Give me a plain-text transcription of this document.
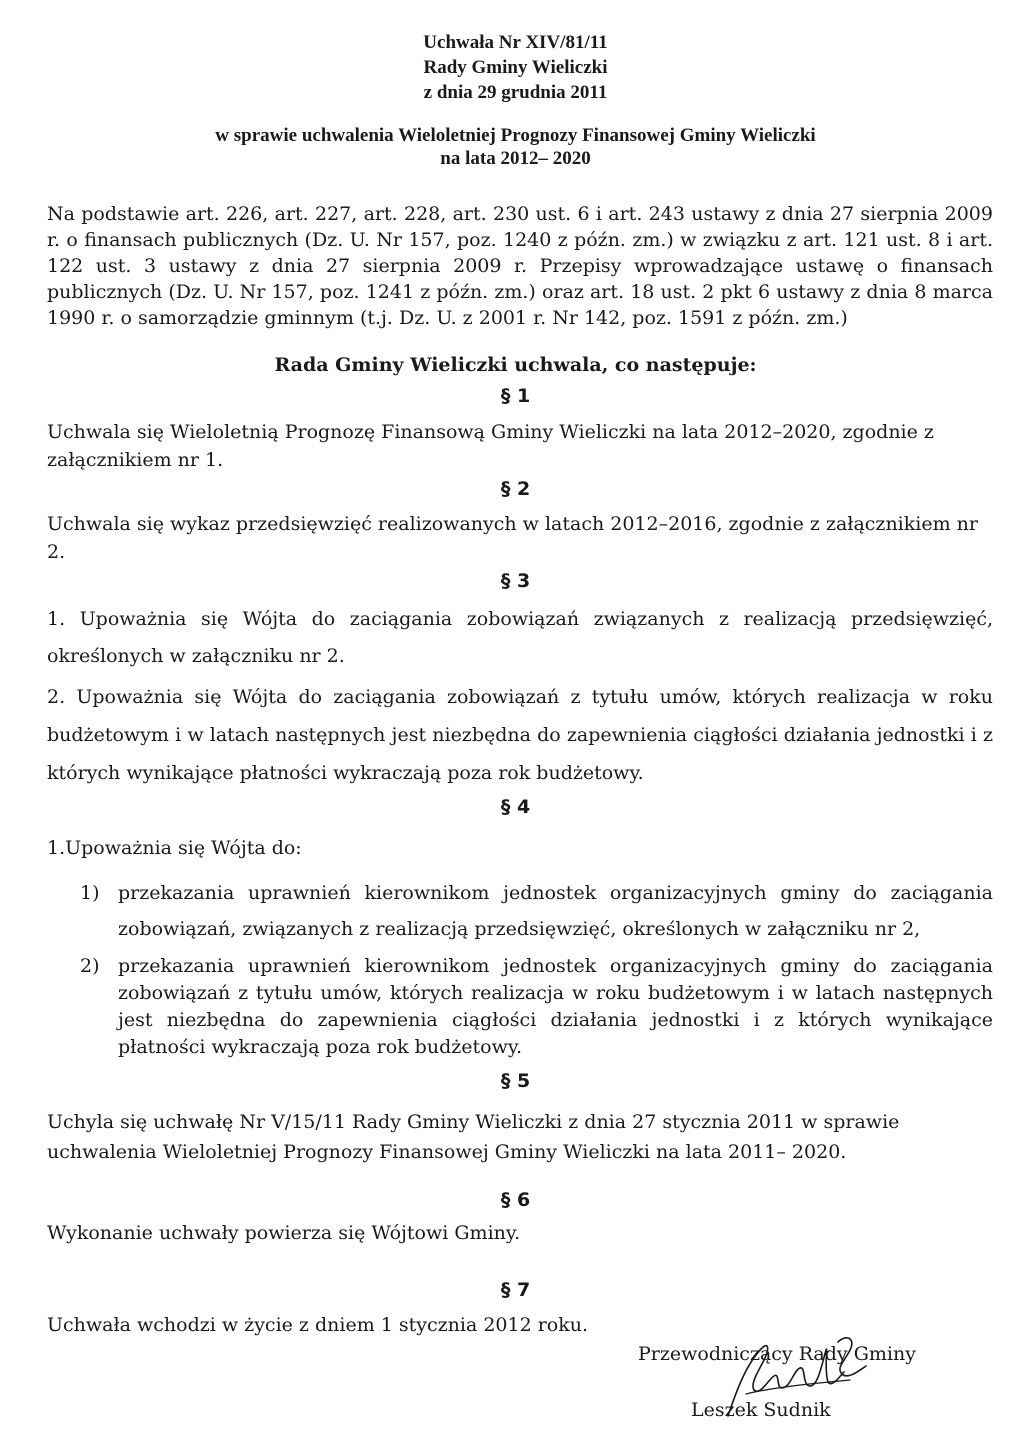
Uchwała Nr XIV/81/11
Rady Gminy Wieliczki
z dnia 29 grudnia 2011
w sprawie uchwalenia Wieloletniej Prognozy Finansowej Gminy Wieliczki
na lata 2012– 2020
Na podstawie art. 226, art. 227, art. 228, art. 230 ust. 6 i art. 243 ustawy z dnia 27 sierpnia 2009 r. o finansach publicznych (Dz. U. Nr 157, poz. 1240 z późn. zm.) w związku z art. 121 ust. 8 i art. 122 ust. 3 ustawy z dnia 27 sierpnia 2009 r. Przepisy wprowadzające ustawę o finansach publicznych (Dz. U. Nr 157, poz. 1241 z późn. zm.) oraz art. 18 ust. 2 pkt 6 ustawy z dnia 8 marca 1990 r. o samorządzie gminnym (t.j. Dz. U. z 2001 r. Nr 142, poz. 1591 z późn. zm.)
Rada Gminy Wieliczki uchwala, co następuje:
§ 1
Uchwala się Wieloletnią Prognozę Finansową Gminy Wieliczki na lata 2012–2020, zgodnie z załącznikiem nr 1.
§ 2
Uchwala się wykaz przedsięwzięć realizowanych w latach 2012–2016, zgodnie z załącznikiem nr 2.
§ 3
1. Upoważnia się Wójta do zaciągania zobowiązań związanych z realizacją przedsięwzięć, określonych w załączniku nr 2.
2. Upoważnia się Wójta do zaciągania zobowiązań z tytułu umów, których realizacja w roku budżetowym i w latach następnych jest niezbędna do zapewnienia ciągłości działania jednostki i z których wynikające płatności wykraczają poza rok budżetowy.
§ 4
1.Upoważnia się Wójta do:
1) przekazania uprawnień kierownikom jednostek organizacyjnych gminy do zaciągania zobowiązań, związanych z realizacją przedsięwzięć, określonych w załączniku nr 2,
2) przekazania uprawnień kierownikom jednostek organizacyjnych gminy do zaciągania zobowiązań z tytułu umów, których realizacja w roku budżetowym i w latach następnych jest niezbędna do zapewnienia ciągłości działania jednostki i z których wynikające płatności wykraczają poza rok budżetowy.
§ 5
Uchyla się uchwałę Nr V/15/11 Rady Gminy Wieliczki z dnia 27 stycznia 2011 w sprawie uchwalenia Wieloletniej Prognozy Finansowej Gminy Wieliczki na lata 2011– 2020.
§ 6
Wykonanie uchwały powierza się Wójtowi Gminy.
§ 7
Uchwała wchodzi w życie z dniem 1 stycznia 2012 roku.
Przewodniczący Rady Gminy
Leszek Sudnik
